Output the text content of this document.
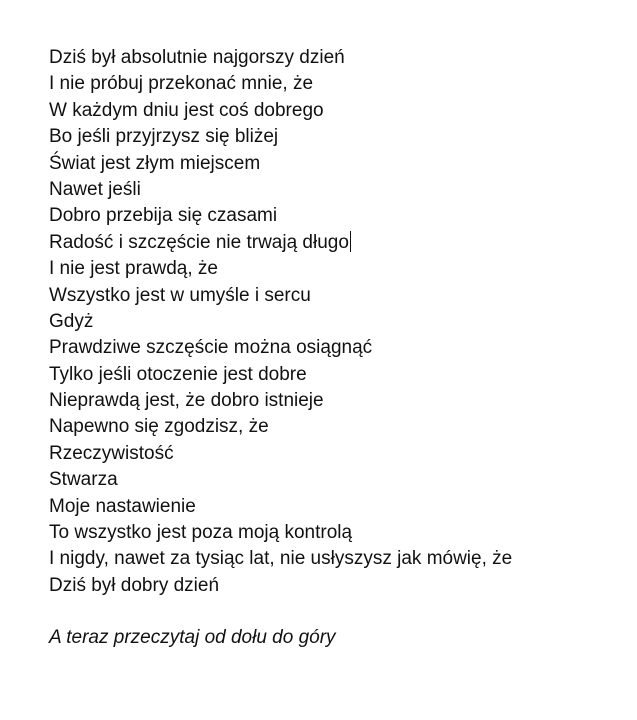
Dziś był absolutnie najgorszy dzień
I nie próbuj przekonać mnie, że
W każdym dniu jest coś dobrego
Bo jeśli przyjrzysz się bliżej
Świat jest złym miejscem
Nawet jeśli
Dobro przebija się czasami
Radość i szczęście nie trwają długo
I nie jest prawdą, że
Wszystko jest w umyśle i sercu
Gdyż
Prawdziwe szczęście można osiągnąć
Tylko jeśli otoczenie jest dobre
Nieprawdą jest, że dobro istnieje
Napewno się zgodzisz, że
Rzeczywistość
Stwarza
Moje nastawienie
To wszystko jest poza moją kontrolą
I nigdy, nawet za tysiąc lat, nie usłyszysz jak mówię, że
Dziś był dobry dzień
A teraz przeczytaj od dołu do góry
